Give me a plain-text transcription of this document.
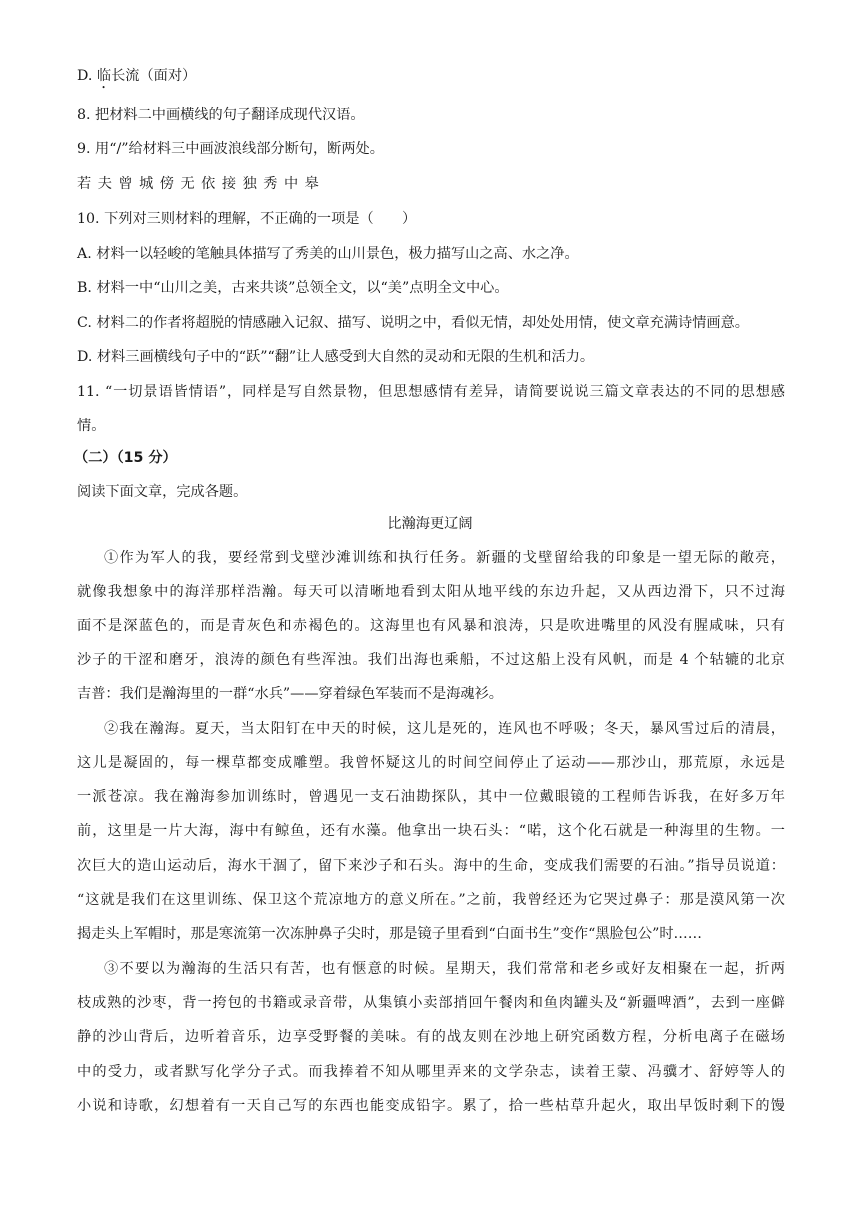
D. 临长流（面对）

8. 把材料二中画横线的句子翻译成现代汉语。

9. 用“/”给材料三中画波浪线部分断句，断两处。

若 夫 曾 城 傍 无 依 接 独 秀 中 皋

10. 下列对三则材料的理解，不正确的一项是（　　）

A. 材料一以轻峻的笔触具体描写了秀美的山川景色，极力描写山之高、水之净。

B. 材料一中“山川之美，古来共谈”总领全文，以“美”点明全文中心。

C. 材料二的作者将超脱的情感融入记叙、描写、说明之中，看似无情，却处处用情，使文章充满诗情画意。

D. 材料三画横线句子中的“跃”“翻”让人感受到大自然的灵动和无限的生机和活力。

11. “一切景语皆情语”，同样是写自然景物，但思想感情有差异，请简要说说三篇文章表达的不同的思想感

情。

（二）（15 分）

阅读下面文章，完成各题。

比瀚海更辽阔

①作为军人的我，要经常到戈壁沙滩训练和执行任务。新疆的戈壁留给我的印象是一望无际的敞亮，

就像我想象中的海洋那样浩瀚。每天可以清晰地看到太阳从地平线的东边升起，又从西边滑下，只不过海

面不是深蓝色的，而是青灰色和赤褐色的。这海里也有风暴和浪涛，只是吹进嘴里的风没有腥咸味，只有

沙子的干涩和磨牙，浪涛的颜色有些浑浊。我们出海也乘船，不过这船上没有风帆，而是 4 个轱辘的北京

吉普：我们是瀚海里的一群“水兵”——穿着绿色军装而不是海魂衫。

②我在瀚海。夏天，当太阳钉在中天的时候，这儿是死的，连风也不呼吸；冬天，暴风雪过后的清晨，

这儿是凝固的，每一棵草都变成雕塑。我曾怀疑这儿的时间空间停止了运动——那沙山，那荒原，永远是

一派苍凉。我在瀚海参加训练时，曾遇见一支石油勘探队，其中一位戴眼镜的工程师告诉我，在好多万年

前，这里是一片大海，海中有鲸鱼，还有水藻。他拿出一块石头：“喏，这个化石就是一种海里的生物。一

次巨大的造山运动后，海水干涸了，留下来沙子和石头。海中的生命，变成我们需要的石油。”指导员说道：

“这就是我们在这里训练、保卫这个荒凉地方的意义所在。”之前，我曾经还为它哭过鼻子：那是漠风第一次

揭走头上军帽时，那是寒流第一次冻肿鼻子尖时，那是镜子里看到“白面书生”变作“黑脸包公”时……

③不要以为瀚海的生活只有苦，也有惬意的时候。星期天，我们常常和老乡或好友相聚在一起，折两

枝成熟的沙枣，背一挎包的书籍或录音带，从集镇小卖部捎回午餐肉和鱼肉罐头及“新疆啤酒”，去到一座僻

静的沙山背后，边听着音乐，边享受野餐的美味。有的战友则在沙地上研究函数方程，分析电离子在磁场

中的受力，或者默写化学分子式。而我捧着不知从哪里弄来的文学杂志，读着王蒙、冯骥才、舒婷等人的

小说和诗歌，幻想着有一天自己写的东西也能变成铅字。累了，拾一些枯草升起火，取出早饭时剩下的馒
